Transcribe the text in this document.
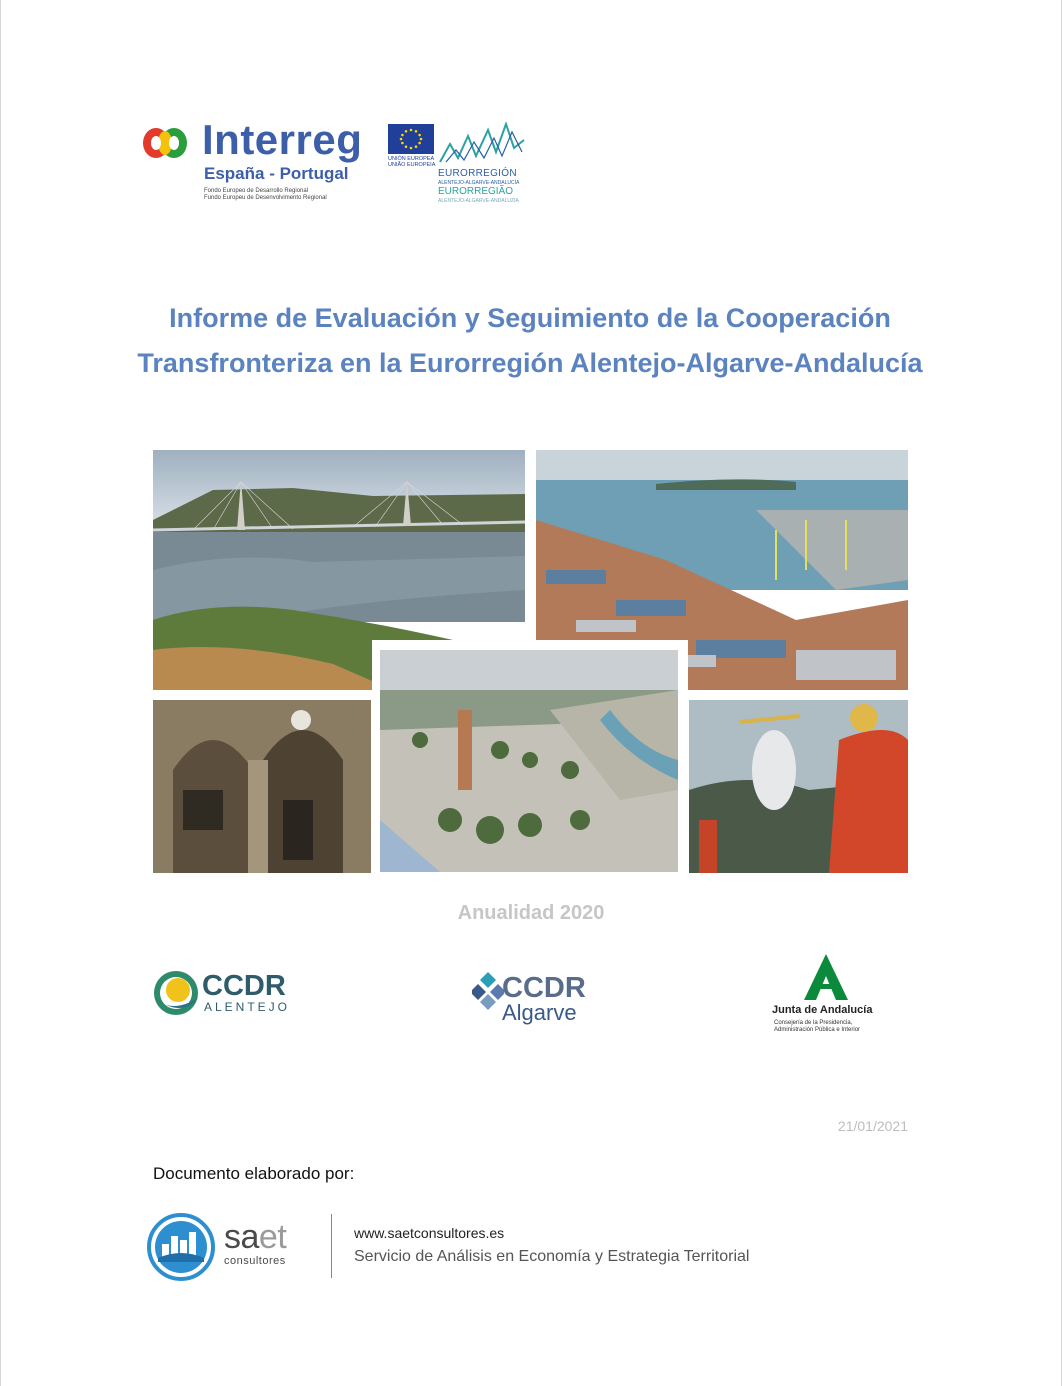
Interreg
España - Portugal
Fondo Europeo de Desarrollo Regional
Fundo Europeu de Desenvolvimento Regional
UNIÓN EUROPEA
UNIÃO EUROPEIA
EURORREGIÓN
ALENTEJO-ALGARVE-ANDALUCÍA
EURORREGIÃO
ALENTEJO-ALGARVE-ANDALUZIA
Informe de Evaluación y Seguimiento de la Cooperación Transfronteriza en la Eurorregión Alentejo-Algarve-Andalucía
Anualidad 2020
CCDR
ALENTEJO
CCDR
Algarve	Junta de Andalucía
Consejería de la Presidencia,
Administración Pública e Interior
21/01/2021
Documento elaborado por:
saet
consultores
www.saetconsultores.es
Servicio de Análisis en Economía y Estrategia Territorial
